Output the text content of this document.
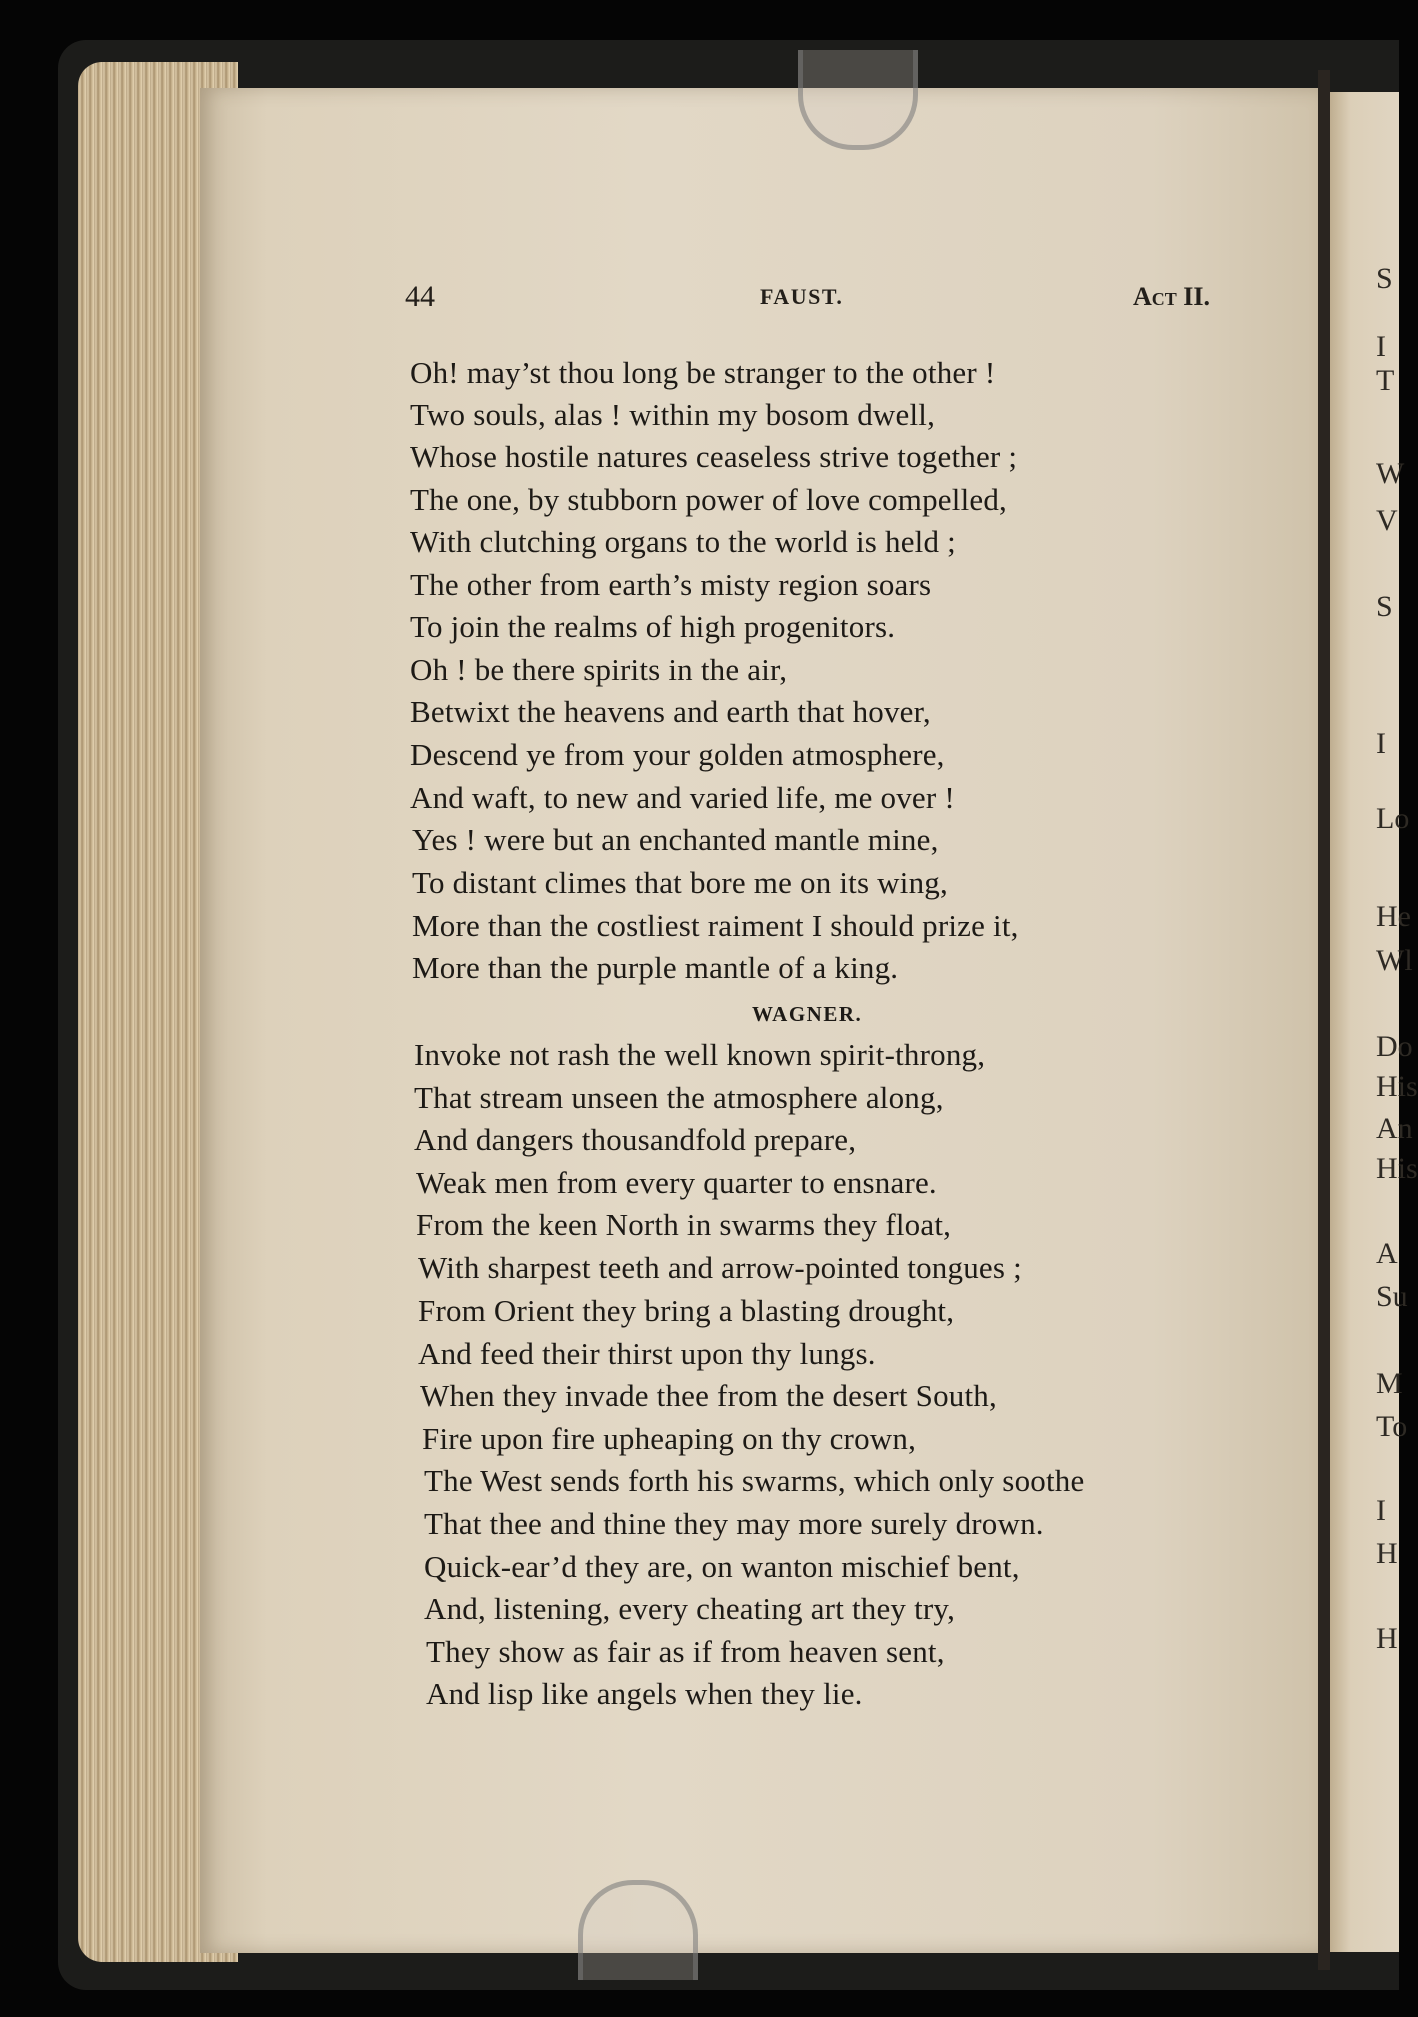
S
I
T
W
V
S
I
Lo
He
Wl
Do
His
An
His
A
Su
M
To
I
H
H
44	FAUST.	Act II.
Oh! may’st thou long be stranger to the other !
Two souls, alas ! within my bosom dwell,
Whose hostile natures ceaseless strive together ;
The one, by stubborn power of love compelled,
With clutching organs to the world is held ;
The other from earth’s misty region soars
To join the realms of high progenitors.
Oh ! be there spirits in the air,
Betwixt the heavens and earth that hover,
Descend ye from your golden atmosphere,
And waft, to new and varied life, me over !
Yes ! were but an enchanted mantle mine,
To distant climes that bore me on its wing,
More than the costliest raiment I should prize it,
More than the purple mantle of a king.
WAGNER.
Invoke not rash the well known spirit-throng,
That stream unseen the atmosphere along,
And dangers thousandfold prepare,
Weak men from every quarter to ensnare.
From the keen North in swarms they float,
With sharpest teeth and arrow-pointed tongues ;
From Orient they bring a blasting drought,
And feed their thirst upon thy lungs.
When they invade thee from the desert South,
Fire upon fire upheaping on thy crown,
The West sends forth his swarms, which only soothe
That thee and thine they may more surely drown.
Quick-ear’d they are, on wanton mischief bent,
And, listening, every cheating art they try,
They show as fair as if from heaven sent,
And lisp like angels when they lie.
